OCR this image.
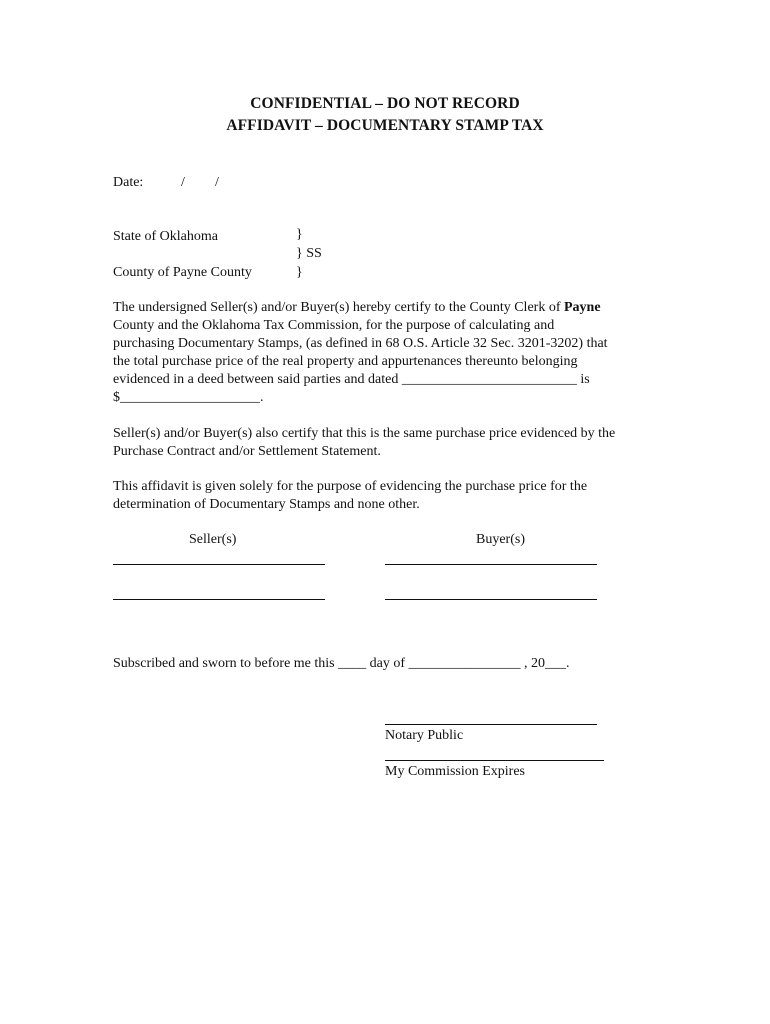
CONFIDENTIAL – DO NOT RECORD
AFFIDAVIT – DOCUMENTARY STAMP TAX
Date:	/ /
State of Oklahoma
County of Payne County
}
} SS
}
The undersigned Seller(s) and/or Buyer(s) hereby certify to the County Clerk of Payne
County and the Oklahoma Tax Commission, for the purpose of calculating and
purchasing Documentary Stamps, (as defined in 68 O.S. Article 32 Sec. 3201-3202) that
the total purchase price of the real property and appurtenances thereunto belonging
evidenced in a deed between said parties and dated _________________________ is
$____________________.
Seller(s) and/or Buyer(s) also certify that this is the same purchase price evidenced by the
Purchase Contract and/or Settlement Statement.
This affidavit is given solely for the purpose of evidencing the purchase price for the
determination of Documentary Stamps and none other.
Seller(s)	Buyer(s)
Subscribed and sworn to before me this ____ day of ________________ , 20___.
Notary Public
My Commission Expires
